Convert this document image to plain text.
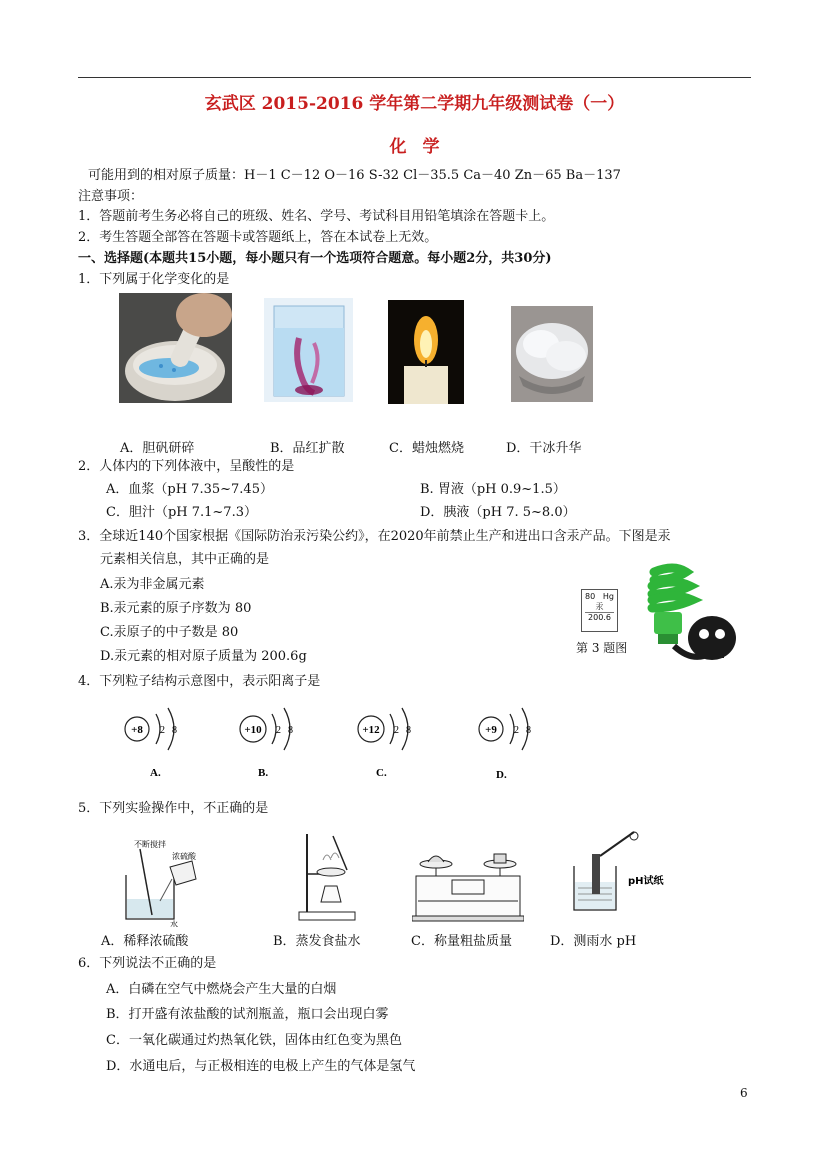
玄武区 2015-2016 学年第二学期九年级测试卷（一）
化学
可能用到的相对原子质量：H－1 C－12 O－16 S-32 Cl－35.5 Ca－40 Zn－65 Ba－137
注意事项：
1．答题前考生务必将自己的班级、姓名、学号、考试科目用铅笔填涂在答题卡上。
2．考生答题全部答在答题卡或答题纸上，答在本试卷上无效。
一、选择题(本题共15小题，每小题只有一个选项符合题意。每小题2分，共30分)
1．下列属于化学变化的是
A．胆矾研碎	B．品红扩散	C．蜡烛燃烧	D．干冰升华
2．人体内的下列体液中，呈酸性的是
A．血浆（pH 7.35~7.45）	B. 胃液（pH 0.9~1.5）
C．胆汁（pH 7.1~7.3）	D．胰液（pH 7. 5~8.0）
3．全球近140个国家根据《国际防治汞污染公约》，在2020年前禁止生产和进出口含汞产品。下图是汞
元素相关信息，其中正确的是
A.汞为非金属元素
B.汞元素的原子序数为 80
C.汞原子的中子数是 80
D.汞元素的相对原子质量为 200.6g
80 Hg
汞
200.6
第 3 题图
4．下列粒子结构示意图中，表示阳离子是
+8 2 8
A.
+10 2 8
B.
+12 2 8
C.
+9 2 8
D.
5．下列实验操作中，不正确的是
不断搅拌
浓硫酸
水
pH试纸
A．稀释浓硫酸	B．蒸发食盐水	C．称量粗盐质量	D．测雨水 pH
6．下列说法不正确的是
A．白磷在空气中燃烧会产生大量的白烟
B．打开盛有浓盐酸的试剂瓶盖，瓶口会出现白雾
C．一氧化碳通过灼热氧化铁，固体由红色变为黑色
D．水通电后，与正极相连的电极上产生的气体是氢气
6
